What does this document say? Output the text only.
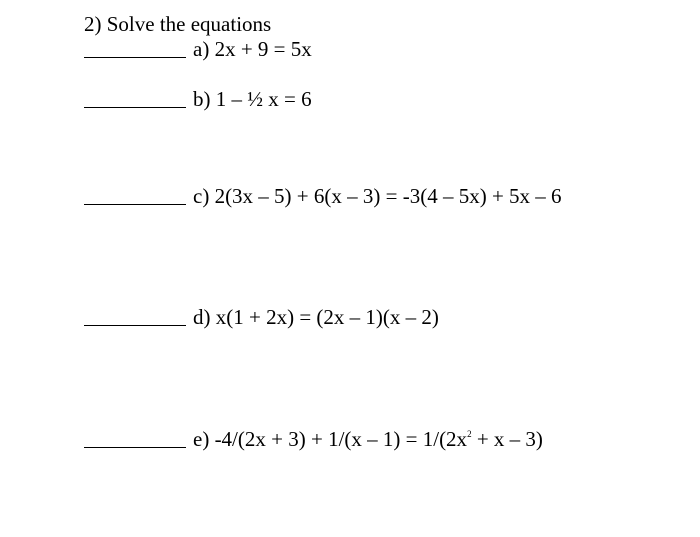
2) Solve the equations
a) 2x + 9 = 5x
b) 1 – ½ x = 6
c) 2(3x – 5) + 6(x – 3) = -3(4 – 5x) + 5x – 6
d) x(1 + 2x) = (2x – 1)(x – 2)
e) $-4/(2x + 3) + 1/(x - 1) = 1/(2x^2 + x - 3)$
